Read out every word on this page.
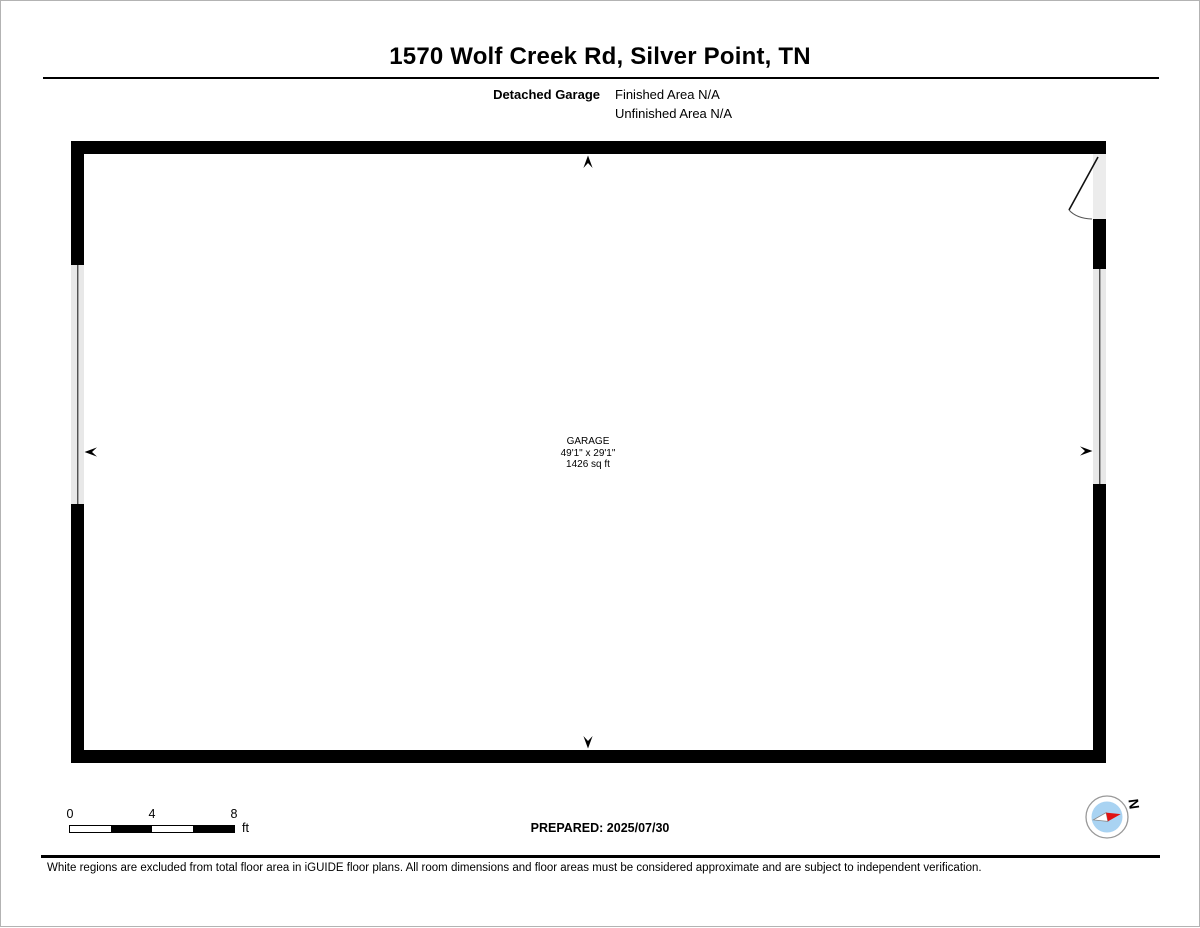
1570 Wolf Creek Rd, Silver Point, TN
Detached Garage Finished Area N/A
Unfinished Area N/A
GARAGE
49'1" x 29'1"
1426 sq ft
0	4	8
ft	PREPARED: 2025/07/30
N
White regions are excluded from total floor area in iGUIDE floor plans. All room dimensions and floor areas must be considered approximate and are subject to independent verification.
